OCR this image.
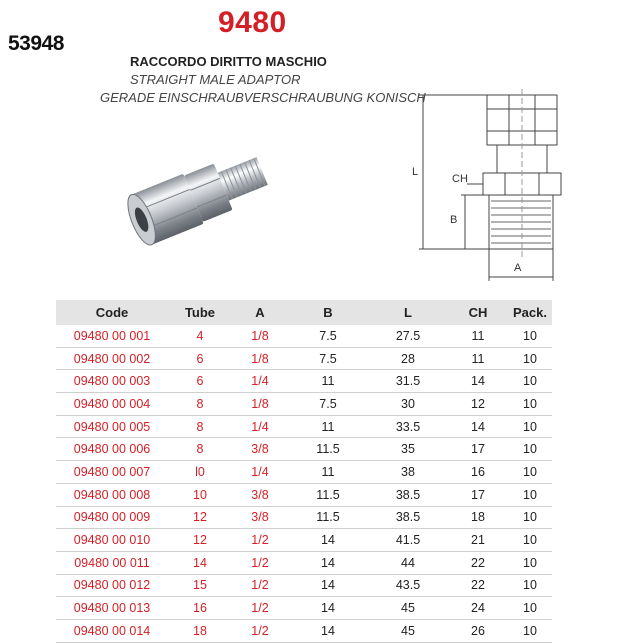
53948
9480
RACCORDO DIRITTO MASCHIO
STRAIGHT MALE ADAPTOR
GERADE EINSCHRAUBVERSCHRAUBUNG KONISCH
L
CH
B
A
Code	Tube	A	B	L	CH	Pack.
09480 00 001	4	1/8	7.5	27.5	11	10
09480 00 002	6	1/8	7.5	28	11	10
09480 00 003	6	1/4	11	31.5	14	10
09480 00 004	8	1/8	7.5	30	12	10
09480 00 005	8	1/4	11	33.5	14	10
09480 00 006	8	3/8	11.5	35	17	10
09480 00 007	l0	1/4	11	38	16	10
09480 00 008	10	3/8	11.5	38.5	17	10
09480 00 009	12	3/8	11.5	38.5	18	10
09480 00 010	12	1/2	14	41.5	21	10
09480 00 011	14	1/2	14	44	22	10
09480 00 012	15	1/2	14	43.5	22	10
09480 00 013	16	1/2	14	45	24	10
09480 00 014	18	1/2	14	45	26	10
